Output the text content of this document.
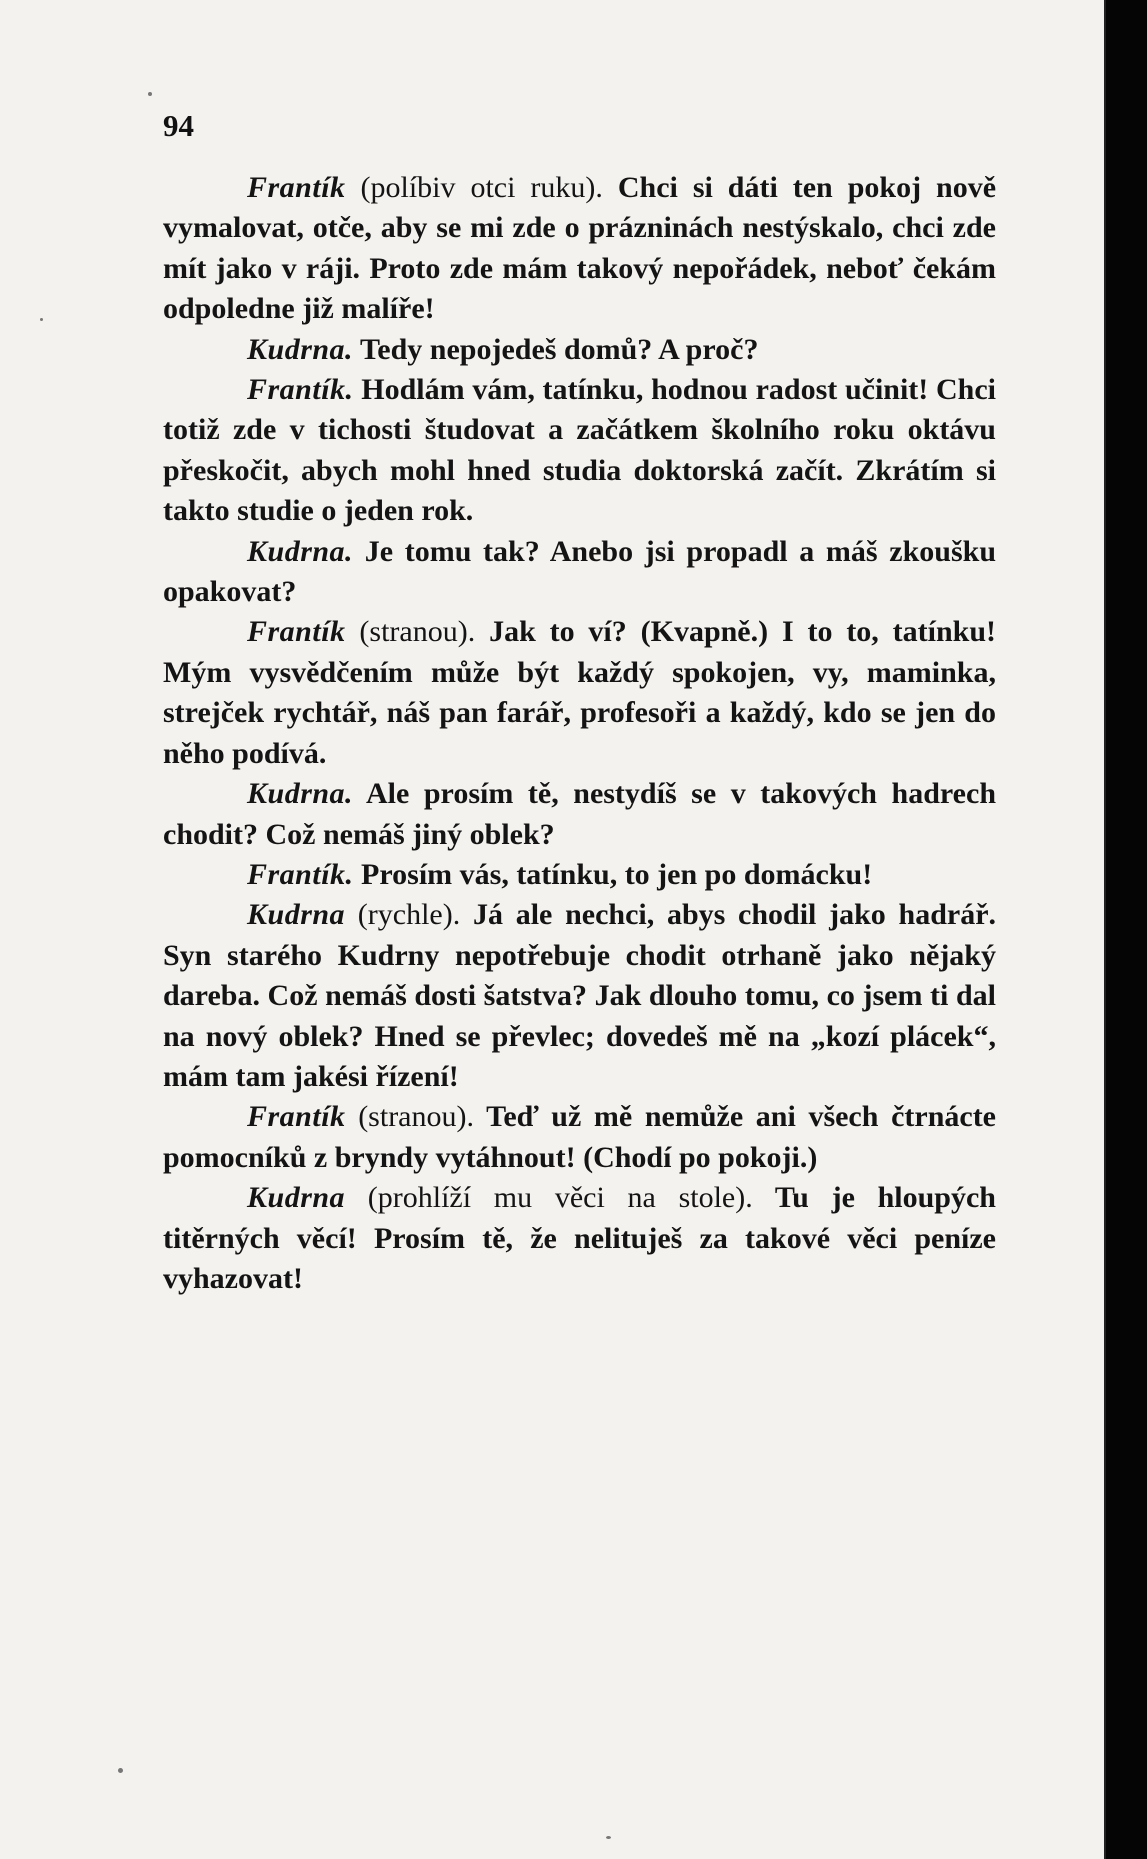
94

Frantík (políbiv otci ruku). Chci si dáti ten pokoj nově vymalovat, otče, aby se mi zde o prázninách nestýskalo, chci zde mít jako v ráji. Proto zde mám takový nepořádek, neboť čekám odpoledne již malíře!

Kudrna. Tedy nepojedeš domů? A proč?

Frantík. Hodlám vám, tatínku, hodnou radost učinit! Chci totiž zde v tichosti študovat a začátkem školního roku oktávu přeskočit, abych mohl hned studia doktorská začít. Zkrátím si takto studie o jeden rok.

Kudrna. Je tomu tak? Anebo jsi propadl a máš zkoušku opakovat?

Frantík (stranou). Jak to ví? (Kvapně.) I to to, tatínku! Mým vysvědčením může být každý spokojen, vy, maminka, strejček rychtář, náš pan farář, profesoři a každý, kdo se jen do něho podívá.

Kudrna. Ale prosím tě, nestydíš se v takových hadrech chodit? Což nemáš jiný oblek?

Frantík. Prosím vás, tatínku, to jen po domácku!

Kudrna (rychle). Já ale nechci, abys chodil jako hadrář. Syn starého Kudrny nepotřebuje chodit otrhaně jako nějaký dareba. Což nemáš dosti šatstva? Jak dlouho tomu, co jsem ti dal na nový oblek? Hned se převlec; dovedeš mě na „kozí plácek“, mám tam jakési řízení!

Frantík (stranou). Teď už mě nemůže ani všech čtrnácte pomocníků z bryndy vytáhnout! (Chodí po pokoji.)

Kudrna (prohlíží mu věci na stole). Tu je hloupých titěrných věcí! Prosím tě, že nelituješ za takové věci peníze vyhazovat!
